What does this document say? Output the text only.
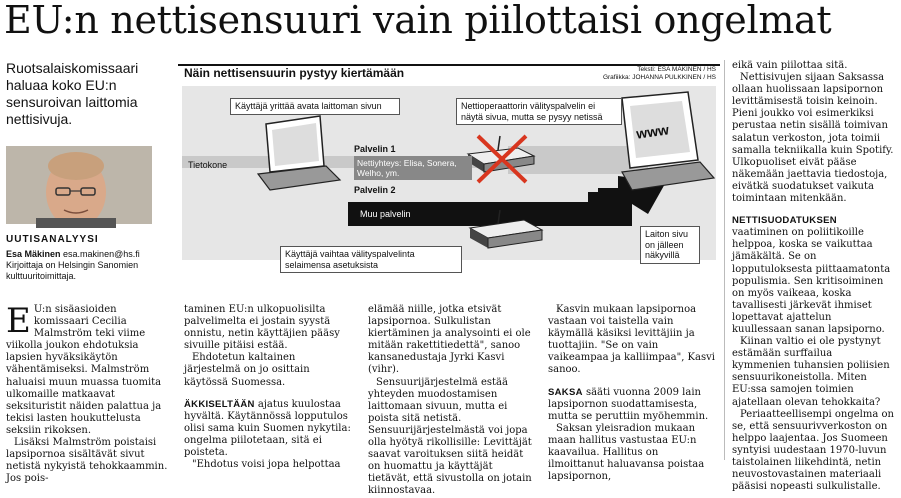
EU:n nettisensuuri vain piilottaisi ongelmat
Ruotsalaiskomissaari haluaa koko EU:n sensuroivan laittomia nettisivuja.
UUTISANALYYSI
Esa Mäkinen esa.makinen@hs.fi
Kirjoittaja on Helsingin Sanomien kulttuuritoimittaja.
Näin nettisensuurin pystyy kiertämään	Teksti: ESA MÄKINEN / HS
Grafiikka: JOHANNA PULKKINEN / HS
www
Käyttäjä yrittää avata laittoman sivun	Nettioperaattorin välityspalvelin ei näytä sivua, mutta se pysyy netissä
Tietokone
Palvelin 1
Nettiyhteys: Elisa, Sonera, Welho, ym.
Palvelin 2
Muu palvelin
Käyttäjä vaihtaa välityspalvelinta selaimensa asetuksista
Laiton sivu on jälleen näkyvillä

E U:n sisäasioiden komissaari Cecilia Malmström teki viime viikolla joukon ehdotuksia lapsien hyväksikäytön vähentämiseksi. Malmström haluaisi muun muassa tuomita ulkomaille matkaavat seksituristit näiden palattua ja tekisi lasten houkuttelusta seksiin rikoksen.

Lisäksi Malmström poistaisi lapsipornoa sisältävät sivut netistä nykyistä tehokkaammin. Jos pois-

taminen EU:n ulkopuolisilta palvelimelta ei jostain syystä onnistu, netin käyttäjien pääsy sivuille pitäisi estää.

Ehdotetun kaltainen järjestelmä on jo osittain käytössä Suomessa.

ÄKKISELTÄÄN ajatus kuulostaa hyvältä. Käytännössä lopputulos olisi sama kuin Suomen nykytila: ongelma piilotetaan, sitä ei poisteta.

"Ehdotus voisi jopa helpottaa

elämää niille, jotka etsivät lapsipornoa. Sulkulistan kiertäminen ja analysointi ei ole mitään rakettitiedettä", sanoo kansanedustaja Jyrki Kasvi (vihr).

Sensuurijärjestelmä estää yhteyden muodostamisen laittomaan sivuun, mutta ei poista sitä netistä. Sensuurijärjestelmästä voi jopa olla hyötyä rikollisille: Levittäjät saavat varoituksen siitä heidät on huomattu ja käyttäjät tietävät, että sivustolla on jotain kiinnostavaa.

Kasvin mukaan lapsipornoa vastaan voi taistella vain käymällä käsiksi levittäjiin ja tuottajiin. "Se on vain vaikeampaa ja kalliimpaa", Kasvi sanoo.

SAKSA sääti vuonna 2009 lain lapsipornon suodattamisesta, mutta se peruttiin myöhemmin.

Saksan yleisradion mukaan maan hallitus vastustaa EU:n kaavailua. Hallitus on ilmoittanut haluavansa poistaa lapsipornon,

eikä vain piilottaa sitä.

Nettisivujen sijaan Saksassa ollaan huolissaan lapsipornon levittämisestä toisin keinoin. Pieni joukko voi esimerkiksi perustaa netin sisällä toimivan salatun verkoston, jota toimii samalla tekniikalla kuin Spotify. Ulkopuoliset eivät pääse näkemään jaettavia tiedostoja, eivätkä suodatukset vaikuta toimintaan mitenkään.

NETTISUODATUKSEN vaatiminen on poliitikoille helppoa, koska se vaikuttaa jämäkältä. Se on lopputuloksesta piittaamatonta populismia. Sen kritisoiminen on myös vaikeaa, koska tavallisesti järkevät ihmiset lopettavat ajattelun kuullessaan sanan lapsiporno.

Kiinan valtio ei ole pystynyt estämään surffailua kymmenien tuhansien poliisien sensuurikoneistolla. Miten EU:ssa samojen toimien ajatellaan olevan tehokkaita?

Periaatteellisempi ongelma on se, että sensuurivverkoston on helppo laajentaa. Jos Suomeen syntyisi uudestaan 1970-luvun taistolainen liikehdintä, netin neuvostovastainen materiaali pääsisi nopeasti sulkulistalle.
